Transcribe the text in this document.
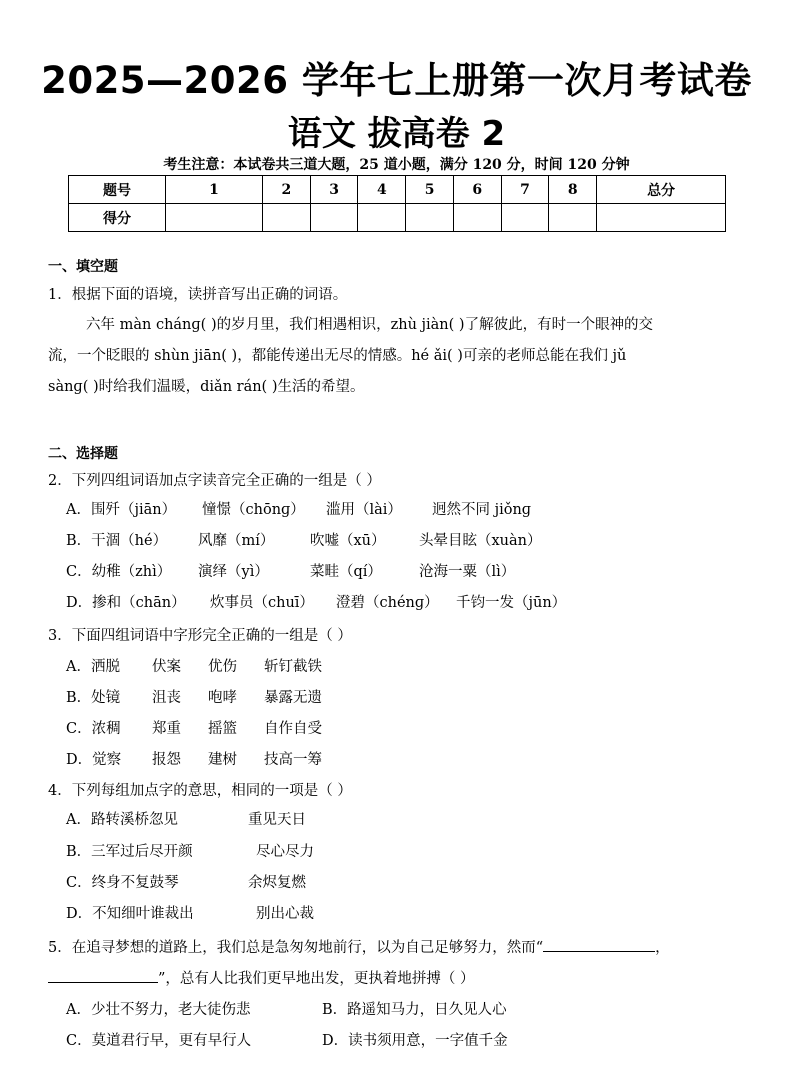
2025—2026 学年七上册第一次月考试卷
语文 拔高卷 2
考生注意：本试卷共三道大题，25 道小题，满分 120 分，时间 120 分钟
题号	1	2	3	4	5	6	7	8	总分
得分									
一、填空题
1．根据下面的语境，读拼音写出正确的词语。
六年 màn chánɡ( )的岁月里，我们相遇相识，zhù jiàn( )了解彼此，有时一个眼神的交
流，一个眨眼的 shùn jiān( )，都能传递出无尽的情感。hé ǎi( )可亲的老师总能在我们 jǔ
sànɡ( )时给我们温暖，diǎn rán( )生活的希望。
二、选择题
2．下列四组词语加点字读音完全正确的一组是（ ）
A．围歼（jiān） 憧憬（chōnɡ） 滥用（lài） 迥然不同 jiǒnɡ
B．干涸（hé） 风靡（mí） 吹嘘（xū） 头晕目眩（xuàn）
C．幼稚（zhì） 演绎（yì）	菜畦（qí）	沧海一粟（lì）
D．掺和（chān） 炊事员（chuī） 澄碧（chénɡ） 千钧一发（jūn）
3．下面四组词语中字形完全正确的一组是（ ）
A．洒脱 伏案 优伤 斩钉截铁
B．处镜 沮丧 咆哮 暴露无遗
C．浓稠 郑重 摇篮 自作自受
D．觉察 报怨 建树 技高一筹
4．下列每组加点字的意思，相同的一项是（ ）
A．路转溪桥忽见	重见天日
B．三军过后尽开颜	尽心尽力
C．终身不复鼓琴	余烬复燃
D．不知细叶谁裁出	别出心裁
5．在追寻梦想的道路上，我们总是急匆匆地前行，以为自己足够努力，然而“	，
”，总有人比我们更早地出发，更执着地拼搏（ ）
A．少壮不努力，老大徒伤悲	B．路遥知马力，日久见人心
C．莫道君行早，更有早行人	D．读书须用意，一字值千金
